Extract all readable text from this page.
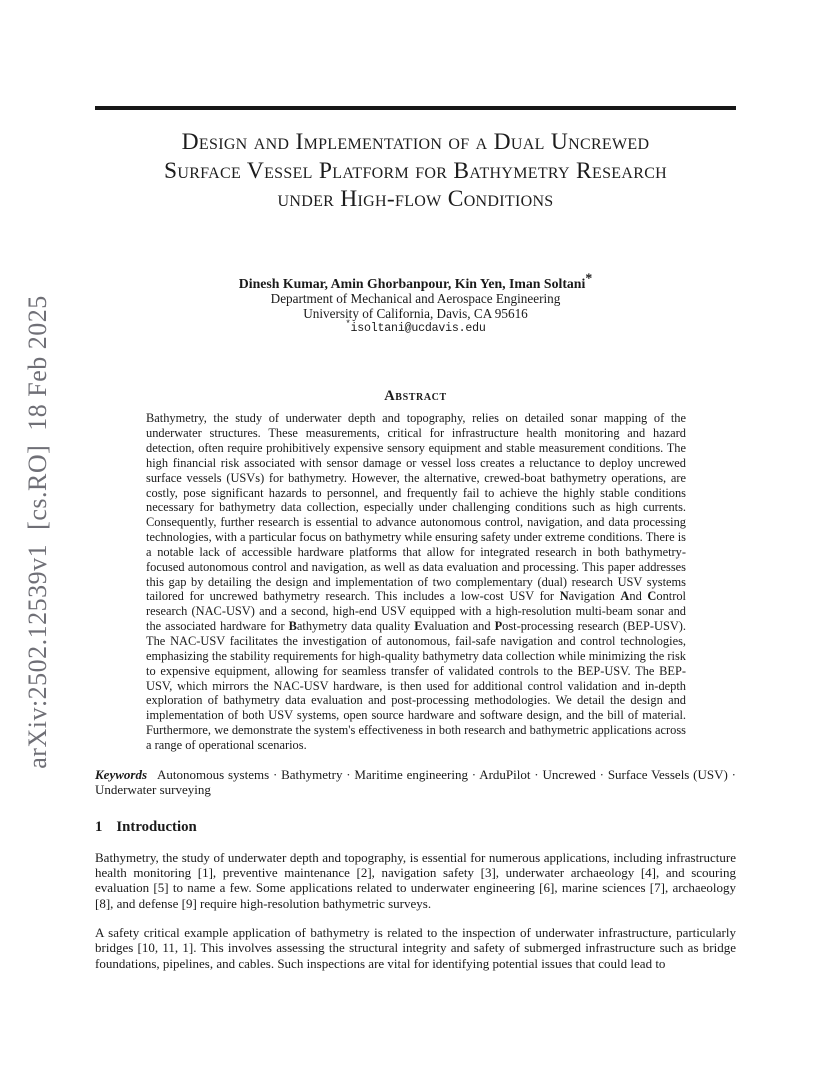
arXiv:2502.12539v1  [cs.RO]  18 Feb 2025
Design and Implementation of a Dual Uncrewed
Surface Vessel Platform for Bathymetry Research
under High-flow Conditions
Dinesh Kumar, Amin Ghorbanpour, Kin Yen, Iman Soltani*
Department of Mechanical and Aerospace Engineering
University of California, Davis, CA 95616
*isoltani@ucdavis.edu
Abstract
Bathymetry, the study of underwater depth and topography, relies on detailed sonar mapping of the underwater structures. These measurements, critical for infrastructure health monitoring and hazard detection, often require prohibitively expensive sensory equipment and stable measurement conditions. The high financial risk associated with sensor damage or vessel loss creates a reluctance to deploy uncrewed surface vessels (USVs) for bathymetry. However, the alternative, crewed-boat bathymetry operations, are costly, pose significant hazards to personnel, and frequently fail to achieve the highly stable conditions necessary for bathymetry data collection, especially under challenging conditions such as high currents. Consequently, further research is essential to advance autonomous control, navigation, and data processing technologies, with a particular focus on bathymetry while ensuring safety under extreme conditions. There is a notable lack of accessible hardware platforms that allow for integrated research in both bathymetry-focused autonomous control and navigation, as well as data evaluation and processing. This paper addresses this gap by detailing the design and implementation of two complementary (dual) research USV systems tailored for uncrewed bathymetry research. This includes a low-cost USV for Navigation And Control research (NAC-USV) and a second, high-end USV equipped with a high-resolution multi-beam sonar and the associated hardware for Bathymetry data quality Evaluation and Post-processing research (BEP-USV). The NAC-USV facilitates the investigation of autonomous, fail-safe navigation and control technologies, emphasizing the stability requirements for high-quality bathymetry data collection while minimizing the risk to expensive equipment, allowing for seamless transfer of validated controls to the BEP-USV. The BEP-USV, which mirrors the NAC-USV hardware, is then used for additional control validation and in-depth exploration of bathymetry data evaluation and post-processing methodologies. We detail the design and implementation of both USV systems, open source hardware and software design, and the bill of material. Furthermore, we demonstrate the system's effectiveness in both research and bathymetric applications across a range of operational scenarios.
Keywords Autonomous systems · Bathymetry · Maritime engineering · ArduPilot · Uncrewed · Surface Vessels (USV) · Underwater surveying
1 Introduction
Bathymetry, the study of underwater depth and topography, is essential for numerous applications, including infrastructure health monitoring [1], preventive maintenance [2], navigation safety [3], underwater archaeology [4], and scouring evaluation [5] to name a few. Some applications related to underwater engineering [6], marine sciences [7], archaeology [8], and defense [9] require high-resolution bathymetric surveys.
A safety critical example application of bathymetry is related to the inspection of underwater infrastructure, particularly bridges [10, 11, 1]. This involves assessing the structural integrity and safety of submerged infrastructure such as bridge foundations, pipelines, and cables. Such inspections are vital for identifying potential issues that could lead to
